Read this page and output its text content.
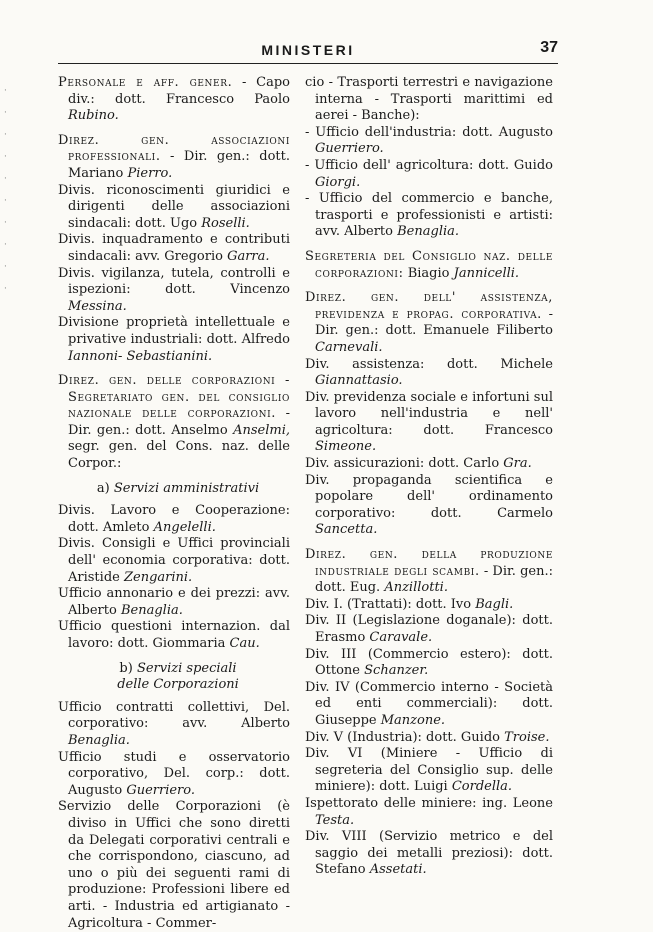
MINISTERI	37
·
·
·
·
·
·
·
·
·
·

Personale e aff. gener. - Capo div.: dott. Francesco Paolo Rubino.

Direz. gen. associazioni professionali. - Dir. gen.: dott. Mariano Pierro.

Divis. riconoscimenti giuridici e dirigenti delle associazioni sindacali: dott. Ugo Roselli.

Divis. inquadramento e contributi sindacali: avv. Gregorio Garra.

Divis. vigilanza, tutela, controlli e ispezioni: dott. Vincenzo Messina.

Divisione proprietà intellettuale e privative industriali: dott. Alfredo Iannoni- Sebastianini.

Direz. gen. delle corporazioni - Segretariato gen. del consiglio nazionale delle corporazioni. - Dir. gen.: dott. Anselmo Anselmi, segr. gen. del Cons. naz. delle Corpor.:

a) Servizi amministrativi

Divis. Lavoro e Cooperazione: dott. Amleto Angelelli.

Divis. Consigli e Uffici provinciali dell' economia corporativa: dott. Aristide Zengarini.

Ufficio annonario e dei prezzi: avv. Alberto Benaglia.

Ufficio questioni internazion. dal lavoro: dott. Giommaria Cau.

b) Servizi speciali
delle Corporazioni

Ufficio contratti collettivi, Del. corporativo: avv. Alberto Benaglia.

Ufficio studi e osservatorio corporativo, Del. corp.: dott. Augusto Guerriero.

Servizio delle Corporazioni (è diviso in Uffici che sono diretti da Delegati corporativi centrali e che corrispondono, ciascuno, ad uno o più dei seguenti rami di produzione: Professioni libere ed arti. - Industria ed artigianato - Agricoltura - Commer-

cio - Trasporti terrestri e navigazione interna - Trasporti marittimi ed aerei - Banche):

- Ufficio dell'industria: dott. Augusto Guerriero.

- Ufficio dell' agricoltura: dott. Guido Giorgi.

- Ufficio del commercio e banche, trasporti e professionisti e artisti: avv. Alberto Benaglia.

Segreteria del Consiglio naz. delle corporazioni: Biagio Jannicelli.

Direz. gen. dell' assistenza, previdenza e propag. corporativa. - Dir. gen.: dott. Emanuele Filiberto Carnevali.

Div. assistenza: dott. Michele Giannattasio.

Div. previdenza sociale e infortuni sul lavoro nell'industria e nell' agricoltura: dott. Francesco Simeone.

Div. assicurazioni: dott. Carlo Gra.

Div. propaganda scientifica e popolare dell' ordinamento corporativo: dott. Carmelo Sancetta.

Direz. gen. della produzione industriale degli scambi. - Dir. gen.: dott. Eug. Anzillotti.

Div. I. (Trattati): dott. Ivo Bagli.

Div. II (Legislazione doganale): dott. Erasmo Caravale.

Div. III (Commercio estero): dott. Ottone Schanzer.

Div. IV (Commercio interno - Società ed enti commerciali): dott. Giuseppe Manzone.

Div. V (Industria): dott. Guido Troise.

Div. VI (Miniere - Ufficio di segreteria del Consiglio sup. delle miniere): dott. Luigi Cordella.

Ispettorato delle miniere: ing. Leone Testa.

Div. VIII (Servizio metrico e del saggio dei metalli preziosi): dott. Stefano Assetati.
